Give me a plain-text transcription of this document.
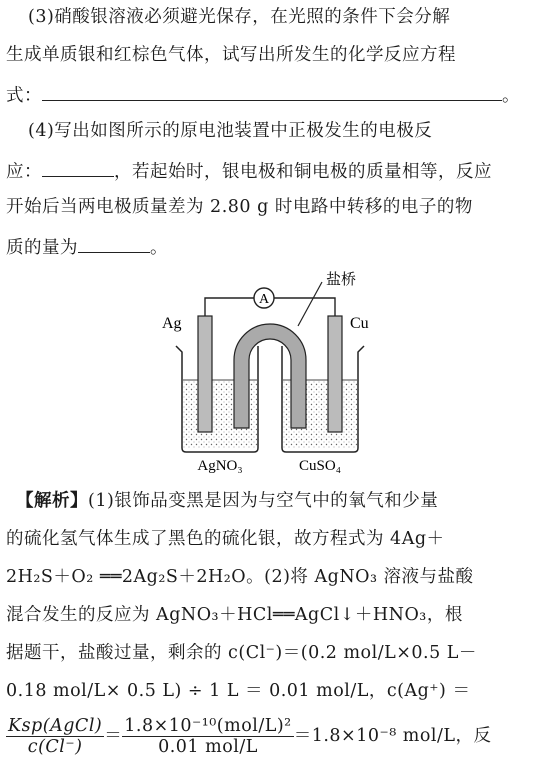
(3)硝酸银溶液必须避光保存，在光照的条件下会分解
生成单质银和红棕色气体，试写出所发生的化学反应方程
式：	。
(4)写出如图所示的原电池装置中正极发生的电极反
应：	，若起始时，银电极和铜电极的质量相等，反应
开始后当两电极质量差为 2.80 g 时电路中转移的电子的物
质的量为	。
A
盐桥
Ag	Cu
AgNO₃	CuSO₄
【解析】(1)银饰品变黑是因为与空气中的氧气和少量
的硫化氢气体生成了黑色的硫化银，故方程式为 4Ag＋
2H₂S＋O₂ ══2Ag₂S＋2H₂O。(2)将 AgNO₃ 溶液与盐酸
混合发生的反应为 AgNO₃＋HCl══AgCl↓＋HNO₃，根
据题干，盐酸过量，剩余的 c(Cl⁻)＝(0.2 mol/L×0.5 L－
0.18 mol/L× 0.5 L) ÷ 1 L ＝ 0.01 mol/L，c(Ag⁺) ＝
$\frac{\text{Ksp(AgCl)}}{c(Cl^-)} = \frac{\text{1.8×10⁻¹⁰(mol/L)²}}{\text{0.01 mol/L}} =1.8\times 10^{-8}$ mol/L，反
